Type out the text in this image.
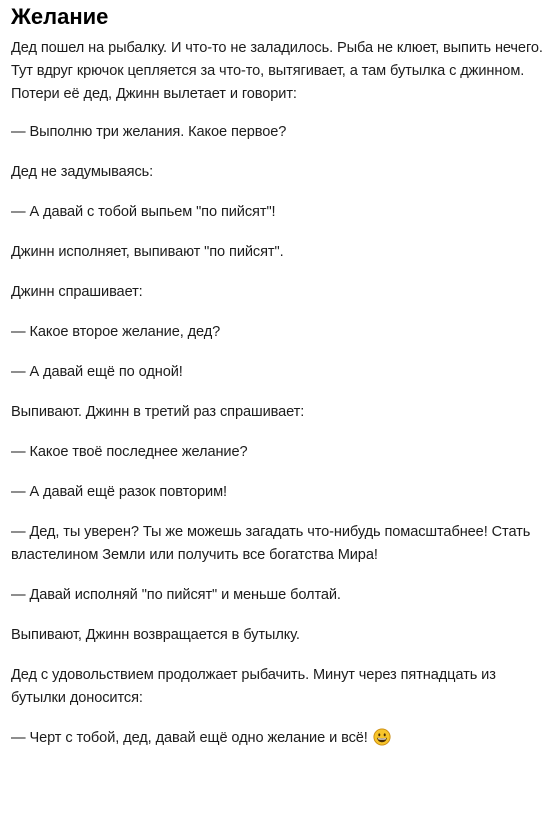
Желание

Дед пошел на рыбалку. И что-то не заладилось. Рыба не клюет, выпить нечего. Тут вдруг крючок цепляется за что-то, вытягивает, а там бутылка с джинном. Потери её дед, Джинн вылетает и говорит:

— Выполню три желания. Какое первое?

Дед не задумываясь:

— А давай с тобой выпьем "по пийсят"!

Джинн исполняет, выпивают "по пийсят".

Джинн спрашивает:

— Какое второе желание, дед?

— А давай ещё по одной!

Выпивают. Джинн в третий раз спрашивает:

— Какое твоё последнее желание?

— А давай ещё разок повторим!

— Дед, ты уверен? Ты же можешь загадать что-нибудь помасштабнее! Стать властелином Земли или получить все богатства Мира!

— Давай исполняй "по пийсят" и меньше болтай.

Выпивают, Джинн возвращается в бутылку.

Дед с удовольствием продолжает рыбачить. Минут через пятнадцать из бутылки доносится:

— Черт с тобой, дед, давай ещё одно желание и всё!
